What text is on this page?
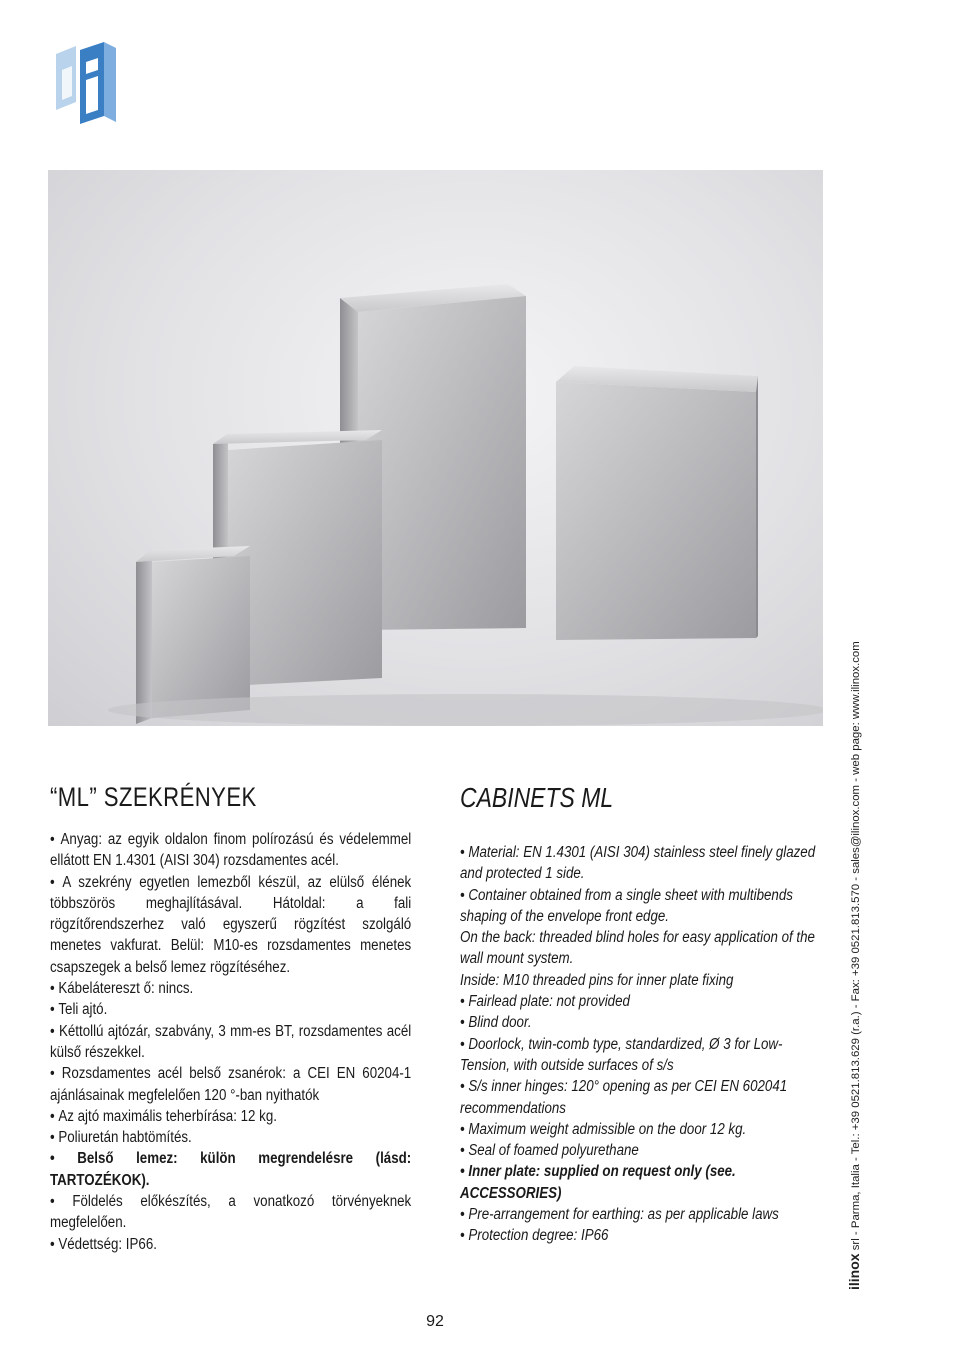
“ML” SZEKRÉNYEK	CABINETS ML

• Anyag: az egyik oldalon finom polírozású és védelemmel ellátott EN 1.4301 (AISI 304) rozsdamentes acél.

• A szekrény egyetlen lemezből készül, az elülső élének többszörös meghajlításával. Hátoldal: a fali rögzítőrendszerhez való egyszerű rögzítést szolgáló menetes vakfurat. Belül: M10-es rozsdamentes menetes csapszegek a belső lemez rögzítéséhez.

• Kábelátereszt ő: nincs.

• Teli ajtó.

• Kéttollú ajtózár, szabvány, 3 mm-es BT, rozsdamentes acél külső részekkel.

• Rozsdamentes acél belső zsanérok: a CEI EN 60204-1 ajánlásainak megfelelően 120 °-ban nyithatók

• Az ajtó maximális teherbírása: 12 kg.

• Poliuretán habtömítés.

• Belső lemez: külön megrendelésre (lásd: TARTOZÉKOK).

• Földelés előkészítés, a vonatkozó törvényeknek megfelelően.

• Védettség: IP66.

• Material: EN 1.4301 (AISI 304) stainless steel finely glazed and protected 1 side.

• Container obtained from a single sheet with multibends shaping of the envelope front edge.

On the back: threaded blind holes for easy application of the wall mount system.

Inside: M10 threaded pins for inner plate fixing

• Fairlead plate: not provided

• Blind door.

• Doorlock, twin-comb type, standardized, Ø 3 for Low-Tension, with outside surfaces of s/s

• S/s inner hinges: 120° opening as per CEI EN 602041 recommendations

• Maximum weight admissible on the door 12 kg.

• Seal of foamed polyurethane

• Inner plate: supplied on request only (see. ACCESSORIES)

• Pre-arrangement for earthing: as per applicable laws

• Protection degree: IP66

ilinox srl - Parma, Italia - Tel.: +39 0521.813.629 (r.a.) - Fax: +39 0521.813.570 - sales@ilinox.com - web page: www.ilinox.com
92
